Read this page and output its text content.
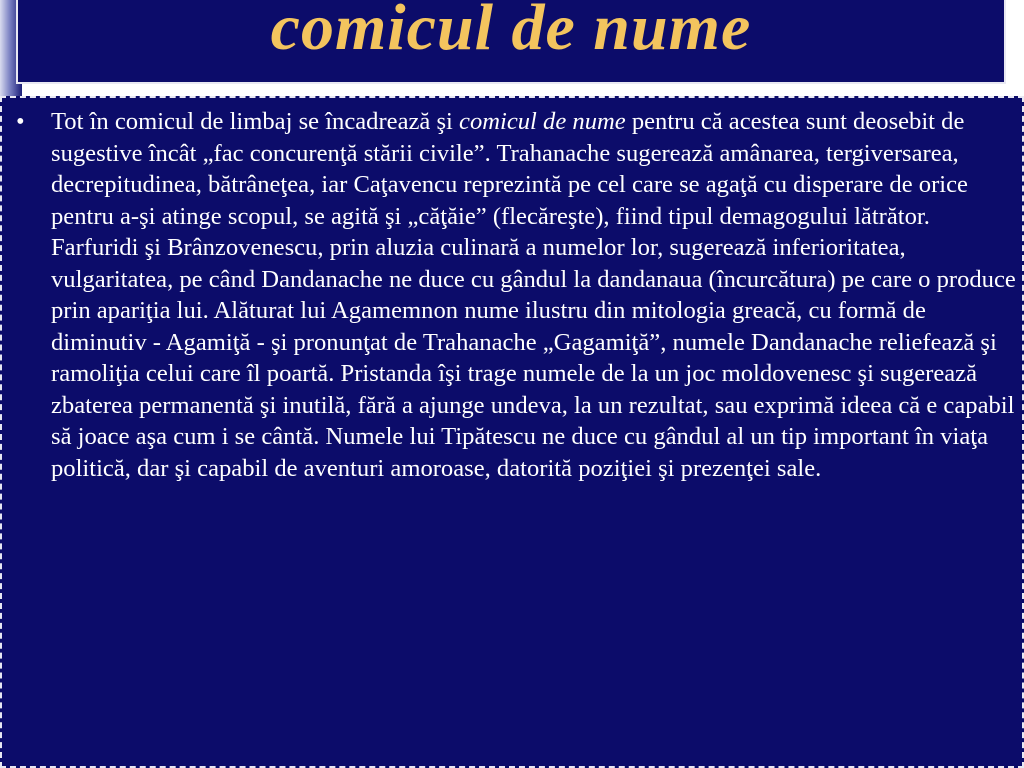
comicul de nume
• Tot în comicul de limbaj se încadrează şi comicul de nume pentru că acestea sunt deosebit de sugestive încât „fac concurenţă stării civile”. Trahanache sugerează amânarea, tergiversarea, decrepitudinea, bătrâneţea, iar Caţavencu reprezintă pe cel care se agaţă cu disperare de orice pentru a-şi atinge scopul, se agită şi „căţăie” (flecăreşte), fiind tipul demagogului lătrător. Farfuridi şi Brânzovenescu, prin aluzia culinară a numelor lor, sugerează inferioritatea, vulgaritatea, pe când Dandanache ne duce cu gândul la dandanaua (încurcătura) pe care o produce prin apariţia lui. Alăturat lui Agamemnon nume ilustru din mitologia greacă, cu formă de diminutiv - Agamiţă - şi pronunţat de Trahanache „Gagamiţă”, numele Dandanache reliefează şi ramoliţia celui care îl poartă. Pristanda îşi trage numele de la un joc moldovenesc şi sugerează zbaterea permanentă şi inutilă, fără a ajunge undeva, la un rezultat, sau exprimă ideea că e capabil să joace aşa cum i se cântă. Numele lui Tipătescu ne duce cu gândul al un tip important în viaţa politică, dar şi capabil de aventuri amoroase, datorită poziţiei şi prezenţei sale.
